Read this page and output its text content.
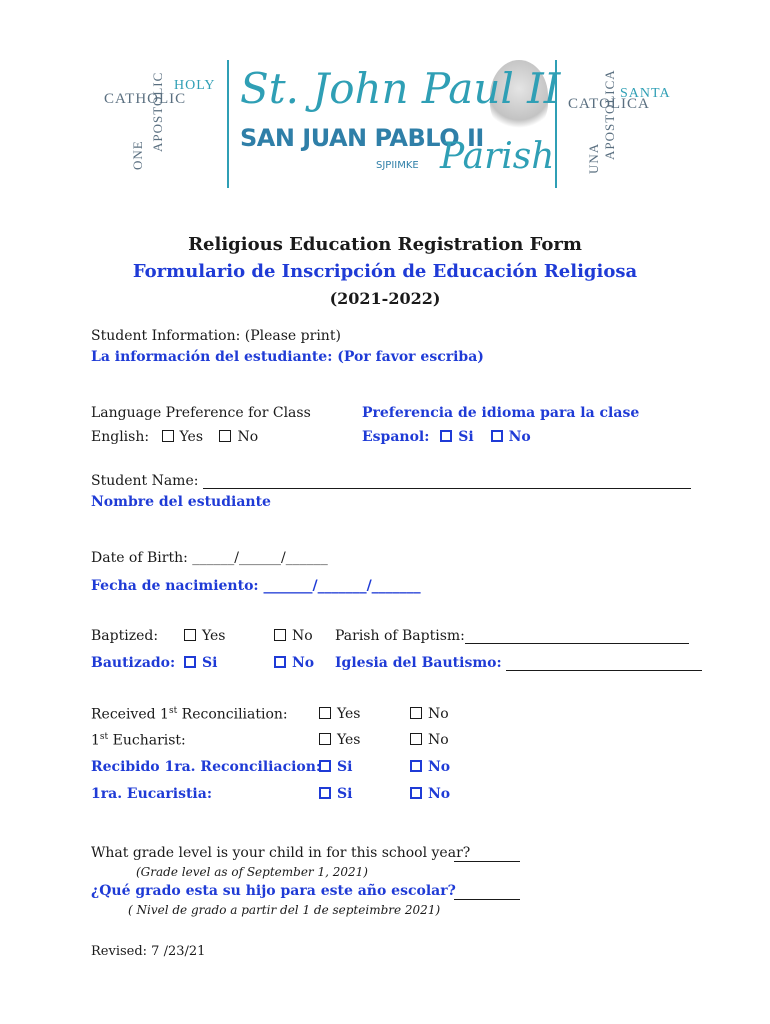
CATHOLIC
HOLY
ONE
APOSTOLIC St. John Paul II
SAN JUAN PABLO II
Parish
SJPIIMKE
CATOLICA
SANTA
UNA APOSTOLICA
Religious Education Registration Form
Formulario de Inscripción de Educación Religiosa
(2021-2022)
Student Information: (Please print)
La información del estudiante: (Por favor escriba)
Language Preference for Class
English: Yes No
Preferencia de idioma para la clase
Espanol: Si No
Student Name:
Nombre del estudiante
Date of Birth: ______/______/______
Fecha de nacimiento: _______/_______/_______
Baptized:	Yes	No Parish of Baptism:
Bautizado:	Si	No Iglesia del Bautismo:
Received 1st Reconciliation:	Yes	No
1st Eucharist:	Yes	No
Recibido 1ra. Reconciliacion:	Si	No
1ra. Eucaristia:	Si	No
What grade level is your child in for this school year?
(Grade level as of September 1, 2021)
¿Qué grado esta su hijo para este año escolar?
( Nivel de grado a partir del 1 de septeimbre 2021)
Revised: 7 /23/21
